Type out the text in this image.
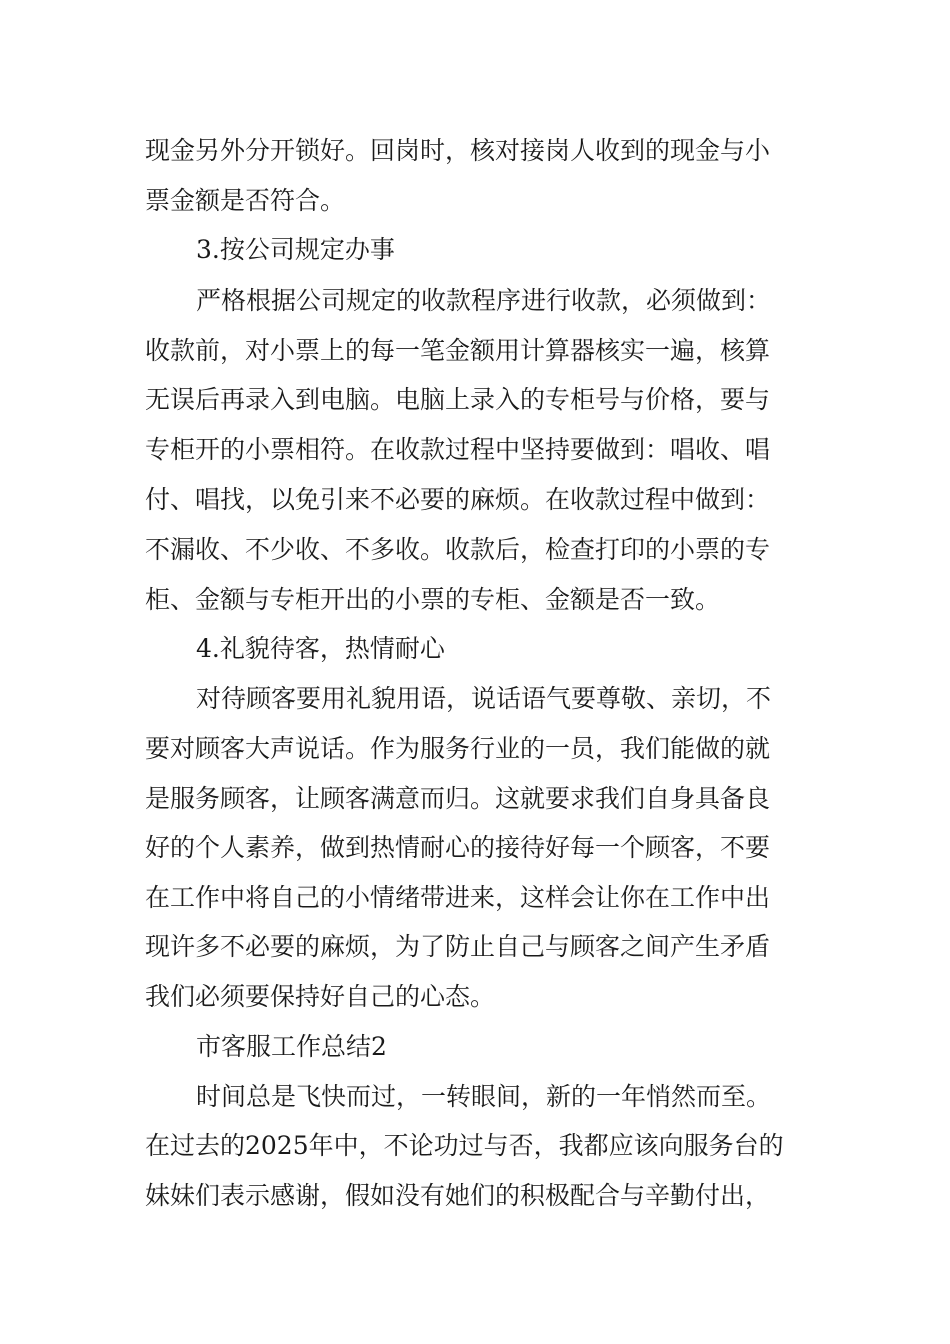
现金另外分开锁好。回岗时，核对接岗人收到的现金与小
票金额是否符合。
3.按公司规定办事
严格根据公司规定的收款程序进行收款，必须做到：
收款前，对小票上的每一笔金额用计算器核实一遍，核算
无误后再录入到电脑。电脑上录入的专柜号与价格，要与
专柜开的小票相符。在收款过程中坚持要做到：唱收、唱
付、唱找，以免引来不必要的麻烦。在收款过程中做到：
不漏收、不少收、不多收。收款后，检查打印的小票的专
柜、金额与专柜开出的小票的专柜、金额是否一致。
4.礼貌待客，热情耐心
对待顾客要用礼貌用语，说话语气要尊敬、亲切，不
要对顾客大声说话。作为服务行业的一员，我们能做的就
是服务顾客，让顾客满意而归。这就要求我们自身具备良
好的个人素养，做到热情耐心的接待好每一个顾客，不要
在工作中将自己的小情绪带进来，这样会让你在工作中出
现许多不必要的麻烦，为了防止自己与顾客之间产生矛盾
我们必须要保持好自己的心态。
市客服工作总结2
时间总是飞快而过，一转眼间，新的一年悄然而至。
在过去的2025年中，不论功过与否，我都应该向服务台的
妹妹们表示感谢，假如没有她们的积极配合与辛勤付出，
